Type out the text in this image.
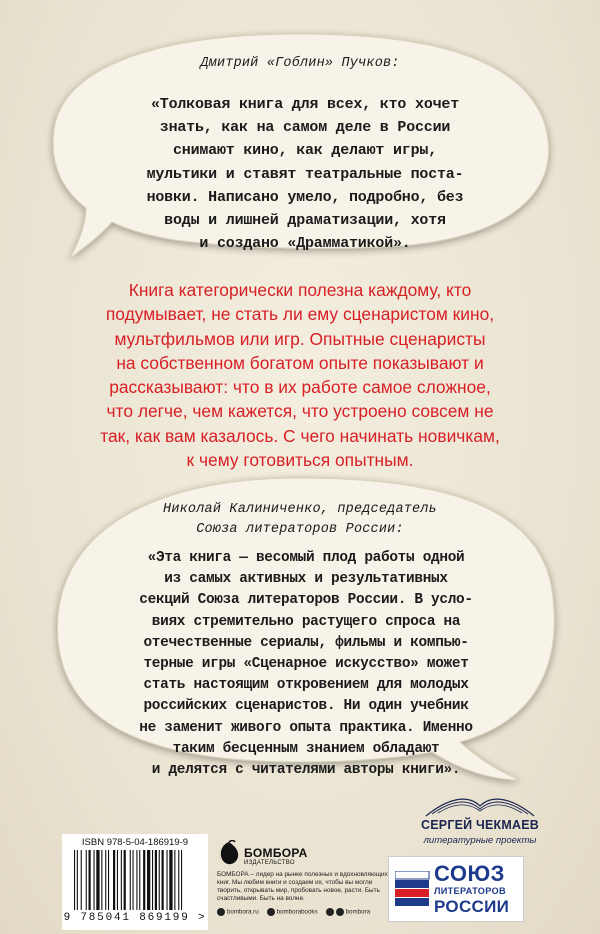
Дмитрий «Гоблин» Пучков:
«Толковая книга для всех, кто хочет
знать, как на самом деле в России
снимают кино, как делают игры,
мультики и ставят театральные поста-
новки. Написано умело, подробно, без
воды и лишней драматизации, хотя
и создано «Драмматикой».
Книга категорически полезна каждому, кто
подумывает, не стать ли ему сценаристом кино,
мультфильмов или игр. Опытные сценаристы
на собственном богатом опыте показывают и
рассказывают: что в их работе самое сложное,
что легче, чем кажется, что устроено совсем не
так, как вам казалось. С чего начинать новичкам,
к чему готовиться опытным.
Николай Калиниченко, председатель
Союза литераторов России:
«Эта книга — весомый плод работы одной
из самых активных и результативных
секций Союза литераторов России. В усло-
виях стремительно растущего спроса на
отечественные сериалы, фильмы и компью-
терные игры «Сценарное искусство» может
стать настоящим откровением для молодых
российских сценаристов. Ни один учебник
не заменит живого опыта практика. Именно
таким бесценным знанием обладают
и делятся с читателями авторы книги».
ISBN 978-5-04-186919-9
9 785041 869199 >
БОМБОРА
ИЗДАТЕЛЬСТВО
БОМБОРА – лидер на рынке полезных и вдохновляющих книг. Мы любим книги и создаем их, чтобы вы могли творить, открывать мир, пробовать новое, расти. Быть счастливыми. Быть на волне.
bombora.ru	bomborabooks	bombora
СЕРГЕЙ ЧЕКМАЕВ
литературные проекты
СОЮЗ
ЛИТЕРАТОРОВ
РОССИИ
